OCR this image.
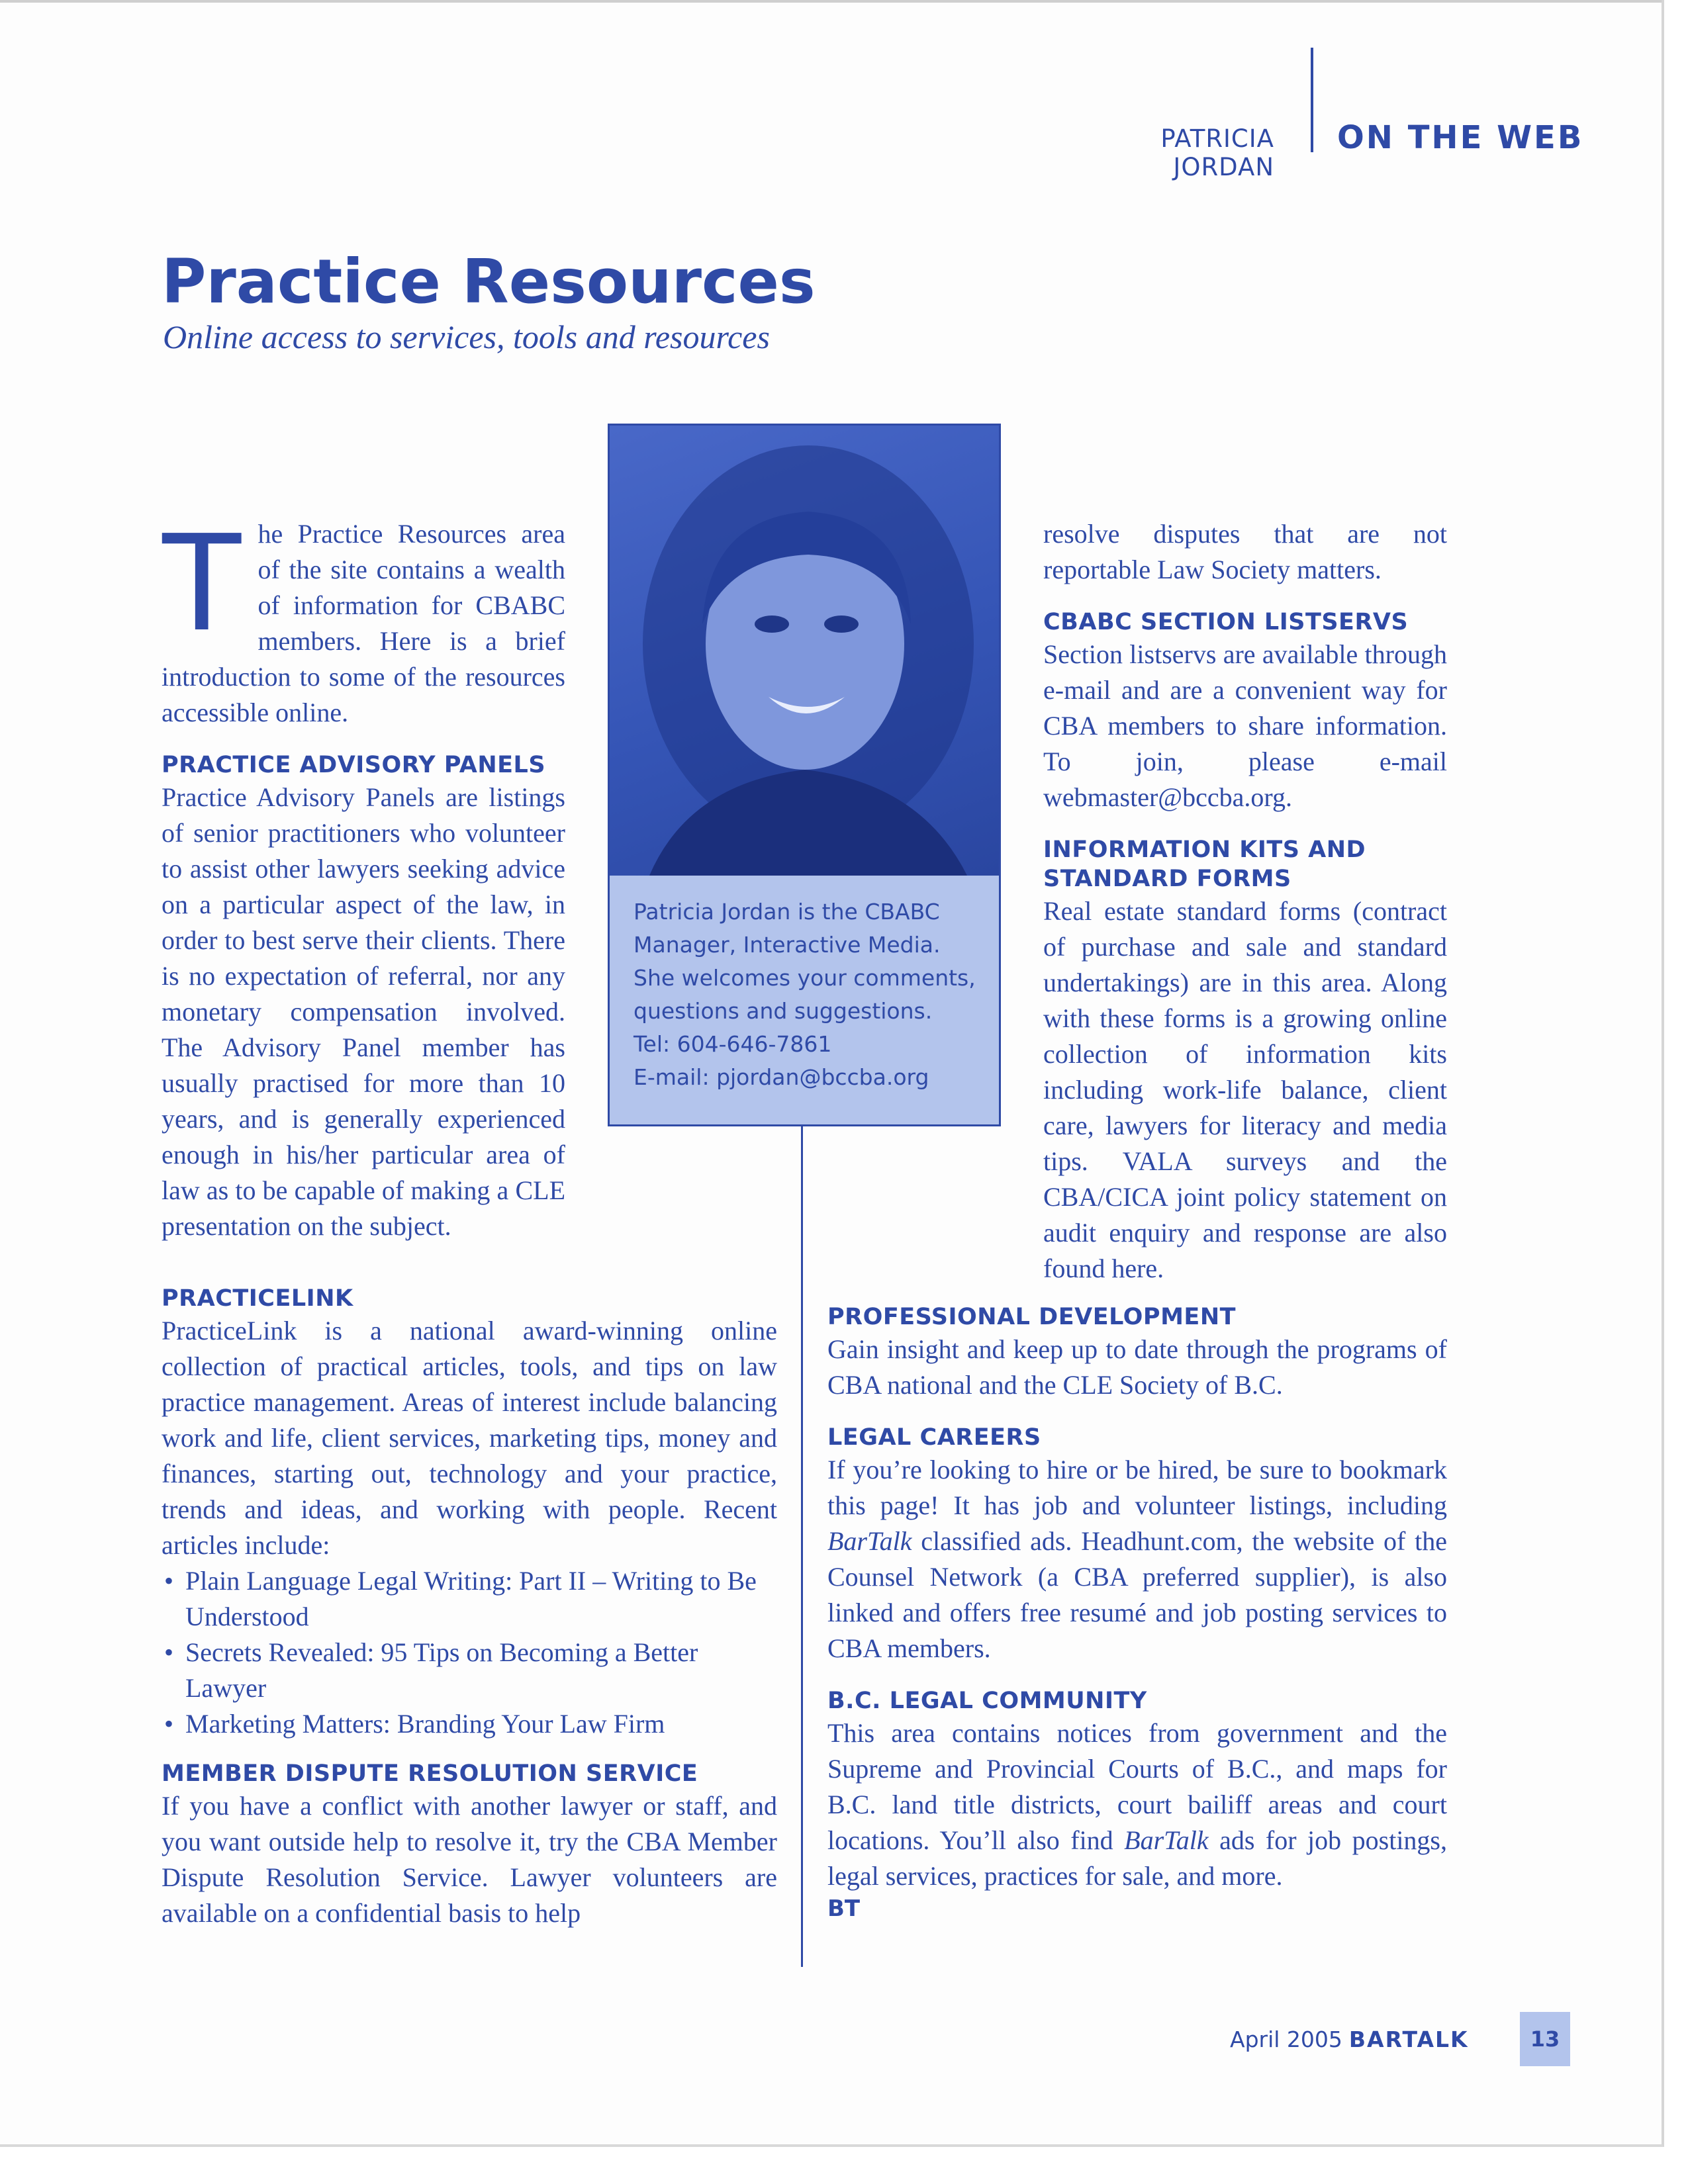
PATRICIA JORDAN
ON THE WEB
Practice Resources
Online access to services, tools and resources

The Practice Resources area of the site contains a wealth of information for CBABC members. Here is a brief introduction to some of the resources accessible online.

PRACTICE ADVISORY PANELS

Practice Advisory Panels are listings of senior practitioners who volunteer to assist other lawyers seeking advice on a particular aspect of the law, in order to best serve their clients. There is no expectation of referral, nor any monetary compensation involved. The Advisory Panel member has usually practised for more than 10 years, and is generally experienced enough in his/her particular area of law as to be capable of making a CLE presentation on the subject.

PRACTICELINK

PracticeLink is a national award-winning online collection of practical articles, tools, and tips on law practice management. Areas of interest include balancing work and life, client services, marketing tips, money and finances, starting out, technology and your practice, trends and ideas, and working with people. Recent articles include:

• Plain Language Legal Writing: Part II – Writing to Be Understood
• Secrets Revealed: 95 Tips on Becoming a Better Lawyer
• Marketing Matters: Branding Your Law Firm
MEMBER DISPUTE RESOLUTION SERVICE

If you have a conflict with another lawyer or staff, and you want outside help to resolve it, try the CBA Member Dispute Resolution Service. Lawyer volunteers are available on a confidential basis to help

Patricia Jordan is the CBABC
Manager, Interactive Media.
She welcomes your comments,
questions and suggestions.
Tel: 604-646-7861
E-mail: pjordan@bccba.org

resolve disputes that are not reportable Law Society matters.

CBABC SECTION LISTSERVS

Section listservs are available through e-mail and are a convenient way for CBA members to share information. To join, please e-mail webmaster@bccba.org.

INFORMATION KITS AND STANDARD FORMS

Real estate standard forms (contract of purchase and sale and standard undertakings) are in this area. Along with these forms is a growing online collection of information kits including work-life balance, client care, lawyers for literacy and media tips. VALA surveys and the CBA/CICA joint policy statement on audit enquiry and response are also found here.

PROFESSIONAL DEVELOPMENT

Gain insight and keep up to date through the programs of CBA national and the CLE Society of B.C.

LEGAL CAREERS

If you’re looking to hire or be hired, be sure to bookmark this page! It has job and volunteer listings, including BarTalk classified ads. Headhunt.com, the website of the Counsel Network (a CBA preferred supplier), is also linked and offers free resumé and job posting services to CBA members.

B.C. LEGAL COMMUNITY

This area contains notices from government and the Supreme and Provincial Courts of B.C., and maps for B.C. land title districts, court bailiff areas and court locations. You’ll also find BarTalk ads for job postings, legal services, practices for sale, and more.

BT
April 2005 BARTALK	13
